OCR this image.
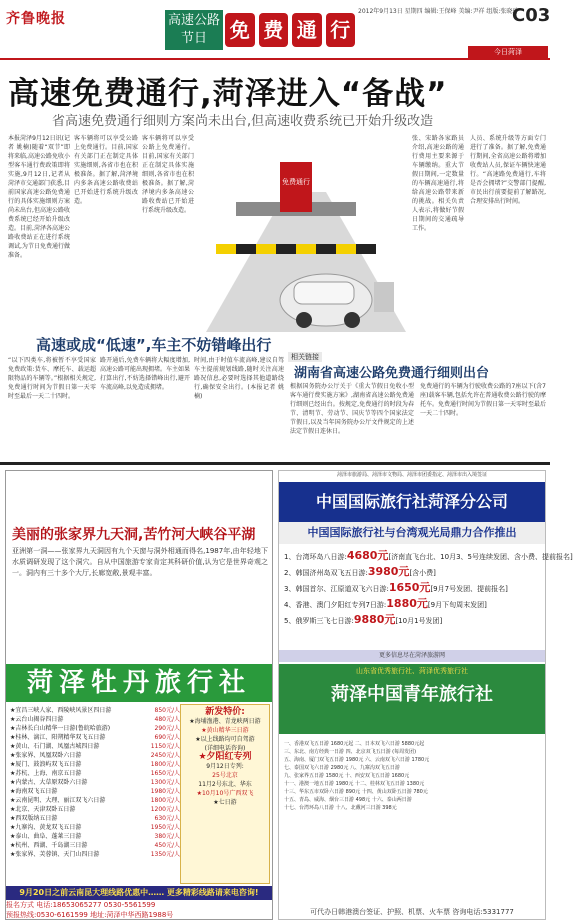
齐鲁晚报	高速公路
节日	免 费 通 行
2012年9月13日 星期四 编辑:王保峰 美编:尹祥 组版:张晓玲
C03
今日菏泽
高速免费通行,菏泽进入“备战”
省高速免费通行细则方案尚未出台,但高速收费系统已开始升级改造
本报菏泽9月12日讯(记者 姚楠)随着“双节”即将来临,高速公路免收小型客车通行费政策即将实施,9月12日,记者从菏泽市交通部门获悉,目前国家高速公路免费通行的具体实施细则方案尚未出台,但高速公路收费系统已经开始升级改造。目前,菏泽各高速公路收费站正在进行系统调试,为节日免费通行做准备。
客车辆将可以享受公路上免费通行。目前,国家有关部门正在制定具体实施细则,各省市也在积极准备。据了解,菏泽境内多条高速公路收费站已开始进行系统升级改造。
客车辆将可以享受公路上免费通行。目前,国家有关部门正在制定具体实施细则,各省市也在积极准备。据了解,菏泽境内多条高速公路收费站已开始进行系统升级改造。
免费通行
张、宋路各家路员介绍,高速公路的通行费用主要来源于车辆缴纳。重大节假日期间,一定数量的车辆高速通行,将给高速公路带来新的挑战。相关负责人表示,将做好节假日期间的交通疏导工作。
人员、系统升级等方面专门进行了准备。据了解,免费通行期间,全省高速公路将增加收费站人员,保证车辆快速通行。“高速路免费通行,车将是否会拥堵?”交警部门提醒,市民出行前要提前了解路况,合理安排出行时间。
高速或成“低速”,车主不妨错峰出行
“以下四类车,将被暂不享受国家免费政策:货车、摩托车、载运超限物品的车辆等。”根据相关规定,免费通行时间为节假日第一天零时至最后一天二十四时。
路开通后,免费车辆将大幅度增加,高速公路可能出现拥堵。车主如果打算出行,不妨选择错峰出行,避开车流高峰,以免造成拥堵。
时间,由于时值车流高峰,建议自驾车主提前规划线路,随时关注高速路况信息,必要时选择其他道路绕行,确保安全出行。(本报记者 姚楠)
相关链接
湖南省高速公路免费通行细则出台
根据国务院办公厅关于《重大节假日免收小型客车通行费实施方案》,湖南省高速公路免费通行细则已经出台。按规定,免费通行的时段为春节、清明节、劳动节、国庆节等四个国家法定节假日,以及当年国务院办公厅文件规定的上述法定节假日连休日。
免费通行的车辆为行驶收费公路的7座以下(含7座)载客车辆,包括允许在普通收费公路行驶的摩托车。免费通行时间为节假日第一天零时至最后一天二十四时。
美丽的张家界九天洞,苦竹河大峡谷平湖
亚洲第一洞——张家界九天洞因有九个天窗与洞外相通而得名,1987年,由年轻地下水质调研发现了这个洞穴。自从中国旅游专家肯定其科研价值,认为它是世界奇观之一。洞内有三十多个大厅,长廊宽敞,景观丰富。
菏泽牡丹旅行社
★宜昌三峡人家、西陵峡风景区四日游
★云台山揭谷四日游
★吉林长白山精华一日游(鲁皖哈旅游)
★桂林、漓江、阳朔精华双飞五日游
★黄山、石门湖、凤凰古城四日游
★张家界、凤凰双卧六日游
★厦门、鼓浪屿双飞五日游
★苏杭、上海、南京五日游
★内蒙古、大草原双卧六日游
★海南双飞五日游
★云南昆明、大理、丽江双飞六日游
★北京、天津双卧五日游
★西双版纳五日游
★九寨沟、黄龙双飞五日游
★泰山、曲阜、蓬莱三日游
★杭州、西湖、千岛湖三日游
★张家界、芙蓉镇、天门山四日游
850元/人
480元/人
290元/人
690元/人
1150元/人
2450元/人
1800元/人
1650元/人
1300元/人
1980元/人
1800元/人
1200元/人
630元/人
1950元/人
380元/人
450元/人
1350元/人
新发特价:
★海埔渔港、青龙峡两日游
★黄山精华三日游
★以上线路均可自驾游
(详细电话咨询)
★夕阳红专列
9月12日专列:
25号北京
11月2号东北、华东
★10月10号广西双飞
★七日游
9月20日之前云南昆大理线路优惠中…… 更多精彩线路请来电咨询!
报名方式 电话:18653065277 0530-5561599
预报热线:0530-6161599 地址:菏泽中华西路1988号
菏泽市旅游局、菏泽市文物局、菏泽市团委指定、菏泽市出入境签证
中国国际旅行社菏泽分公司
中国国际旅行社与台湾观光局鼎力合作推出
1、台湾环岛八日游:4680元[济南直飞台北、10月3、5号连续发团、含小费、提前报名]
2、韩国济州岛双飞五日游:3980元[含小费]
3、韩国首尔、江原道双飞六日游:1650元[9月7号发团、提前报名]
4、香港、澳门夕阳红专列7日游:1880元[9月下旬周末发团]
5、俄罗斯三飞七日游:9880元[10月1号发团]
更多信息尽在菏泽旅游网
山东省优秀旅行社、菏泽优秀旅行社
菏泽中国青年旅行社
一、香港双飞五日游 1680元起 二、日本双飞六日游 5880元起
三、东北、南方经典一日游 四、北京双飞五日游 (每周发团)
五、海南、厦门双飞五日游 1980元 六、云南双飞六日游 1780元
七、泰国双飞六日游 2980元 八、九寨沟双飞五日游
九、张家界五日游 1580元 十、西安双飞五日游 1680元
十一、港澳一地五日游 1980元 十二、桂林双飞五日游 1380元
十三、华东五市双卧六日游 890元 十四、黄山双卧五日游 780元
十五、青岛、威海、烟台三日游 498元 十六、泰山两日游
十七、台湾环岛八日游 十八、北戴河三日游 398元
可代办日韩港澳台签证、护照、机票、火车票 咨询电话:5331777
